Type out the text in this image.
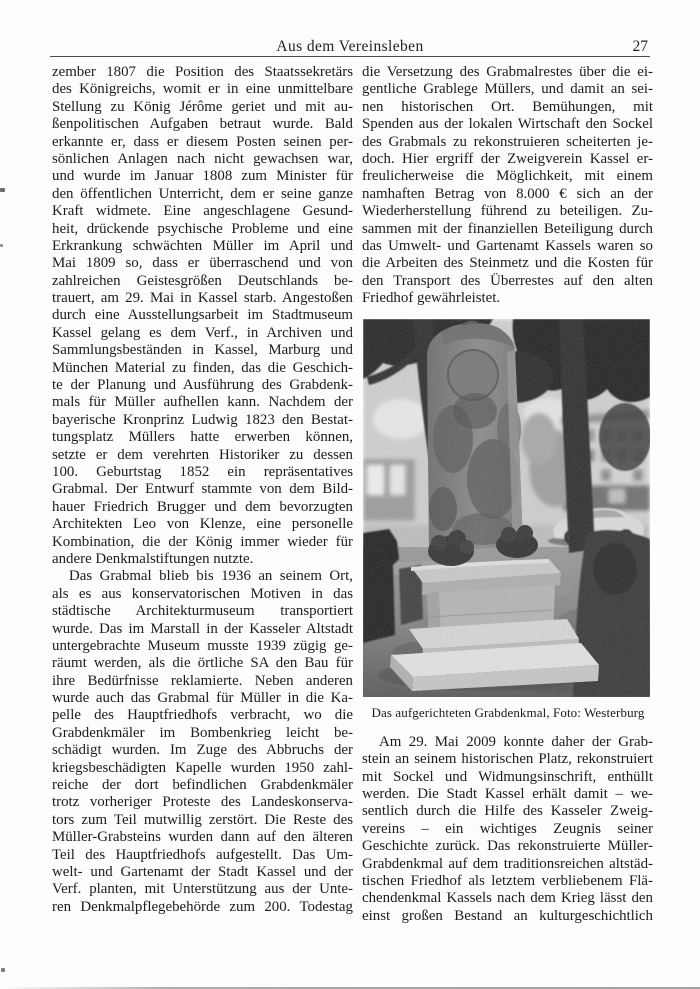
Aus dem Vereinsleben	27
zember 1807 die Position des Staatssekretärs
des Königreichs, womit er in eine unmittelbare
Stellung zu König Jérôme geriet und mit au-
ßenpolitischen Aufgaben betraut wurde. Bald
erkannte er, dass er diesem Posten seinen per-
sönlichen Anlagen nach nicht gewachsen war,
und wurde im Januar 1808 zum Minister für
den öffentlichen Unterricht, dem er seine ganze
Kraft widmete. Eine angeschlagene Gesund-
heit, drückende psychische Probleme und eine
Erkrankung schwächten Müller im April und
Mai 1809 so, dass er überraschend und von
zahlreichen Geistesgrößen Deutschlands be-
trauert, am 29. Mai in Kassel starb. Angestoßen
durch eine Ausstellungsarbeit im Stadtmuseum
Kassel gelang es dem Verf., in Archiven und
Sammlungsbeständen in Kassel, Marburg und
München Material zu finden, das die Geschich-
te der Planung und Ausführung des Grabdenk-
mals für Müller aufhellen kann. Nachdem der
bayerische Kronprinz Ludwig 1823 den Bestat-
tungsplatz Müllers hatte erwerben können,
setzte er dem verehrten Historiker zu dessen
100. Geburtstag 1852 ein repräsentatives
Grabmal. Der Entwurf stammte von dem Bild-
hauer Friedrich Brugger und dem bevorzugten
Architekten Leo von Klenze, eine personelle
Kombination, die der König immer wieder für
andere Denkmalstiftungen nutzte.
Das Grabmal blieb bis 1936 an seinem Ort,
als es aus konservatorischen Motiven in das
städtische Architekturmuseum transportiert
wurde. Das im Marstall in der Kasseler Altstadt
untergebrachte Museum musste 1939 zügig ge-
räumt werden, als die örtliche SA den Bau für
ihre Bedürfnisse reklamierte. Neben anderen
wurde auch das Grabmal für Müller in die Ka-
pelle des Hauptfriedhofs verbracht, wo die
Grabdenkmäler im Bombenkrieg leicht be-
schädigt wurden. Im Zuge des Abbruchs der
kriegsbeschädigten Kapelle wurden 1950 zahl-
reiche der dort befindlichen Grabdenkmäler
trotz vorheriger Proteste des Landeskonserva-
tors zum Teil mutwillig zerstört. Die Reste des
Müller-Grabsteins wurden dann auf den älteren
Teil des Hauptfriedhofs aufgestellt. Das Um-
welt- und Gartenamt der Stadt Kassel und der
Verf. planten, mit Unterstützung aus der Unte-
ren Denkmalpflegebehörde zum 200. Todestag
die Versetzung des Grabmalrestes über die ei-
gentliche Grablege Müllers, und damit an sei-
nen historischen Ort. Bemühungen, mit
Spenden aus der lokalen Wirtschaft den Sockel
des Grabmals zu rekonstruieren scheiterten je-
doch. Hier ergriff der Zweigverein Kassel er-
freulicherweise die Möglichkeit, mit einem
namhaften Betrag von 8.000 € sich an der
Wiederherstellung führend zu beteiligen. Zu-
sammen mit der finanziellen Beteiligung durch
das Umwelt- und Gartenamt Kassels waren so
die Arbeiten des Steinmetz und die Kosten für
den Transport des Überrestes auf den alten
Friedhof gewährleistet.
Das aufgerichteten Grabdenkmal, Foto: Westerburg
Am 29. Mai 2009 konnte daher der Grab-
stein an seinem historischen Platz, rekonstruiert
mit Sockel und Widmungsinschrift, enthüllt
werden. Die Stadt Kassel erhält damit – we-
sentlich durch die Hilfe des Kasseler Zweig-
vereins – ein wichtiges Zeugnis seiner
Geschichte zurück. Das rekonstruierte Müller-
Grabdenkmal auf dem traditionsreichen altstäd-
tischen Friedhof als letztem verbliebenem Flä-
chendenkmal Kassels nach dem Krieg lässt den
einst großen Bestand an kulturgeschichtlich
